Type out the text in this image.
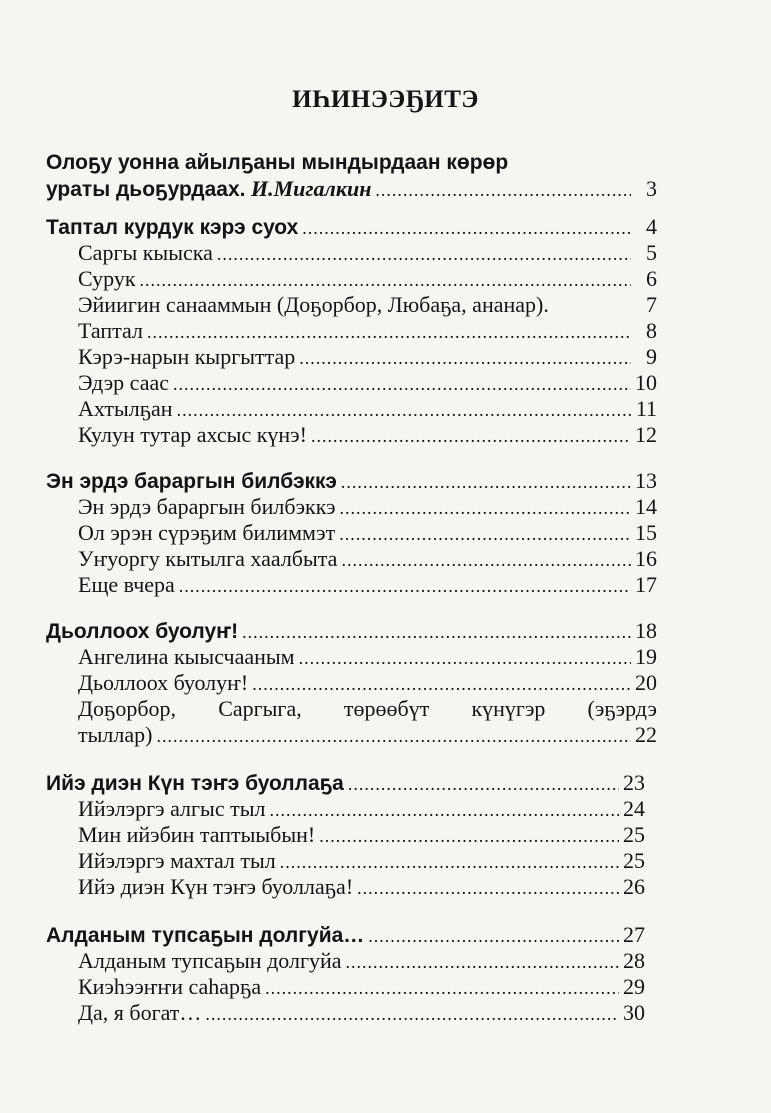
ИҺИНЭЭҔИТЭ
Олоҕу уонна айылҕаны мындырдаан көрөр
ураты дьоҕурдаах. И.Мигалкин .....	3
Таптал курдук кэрэ суох .....	4
Саргы кыыска .....	5
Сурук .....	6
Эйиигин санааммын (Доҕорбор, Любаҕа, ананар).	7
Таптал .....	8
Кэрэ-нарын кыргыттар .....	9
Эдэр саас .....	10
Ахтылҕан .....	11
Кулун тутар ахсыс күнэ! .....	12
Эн эрдэ бараргын билбэккэ .....	13
Эн эрдэ бараргын билбэккэ .....	14
Ол эрэн сүрэҕим билиммэт .....	15
Уҥуоргу кытылга хаалбыта .....	16
Еще вчера .....	17
Дьоллоох буолуҥ! .....	18
Ангелина кыысчааным .....	19
Дьоллоох буолуҥ! .....	20
Доҕорбор, Саргыга, төрөөбүт күнүгэр (эҕэрдэ
тыллар) .....	22
Ийэ диэн Күн тэҥэ буоллаҕа .....	23
Ийэлэргэ алгыс тыл .....	24
Мин ийэбин таптыыбын! .....	25
Ийэлэргэ махтал тыл .....	25
Ийэ диэн Күн тэҥэ буоллаҕа! .....	26
Алданым тупсаҕын долгуйа… .....	27
Алданым тупсаҕын долгуйа .....	28
Киэһээҥҥи саһарҕа .....	29
Да, я богат… .....	30
